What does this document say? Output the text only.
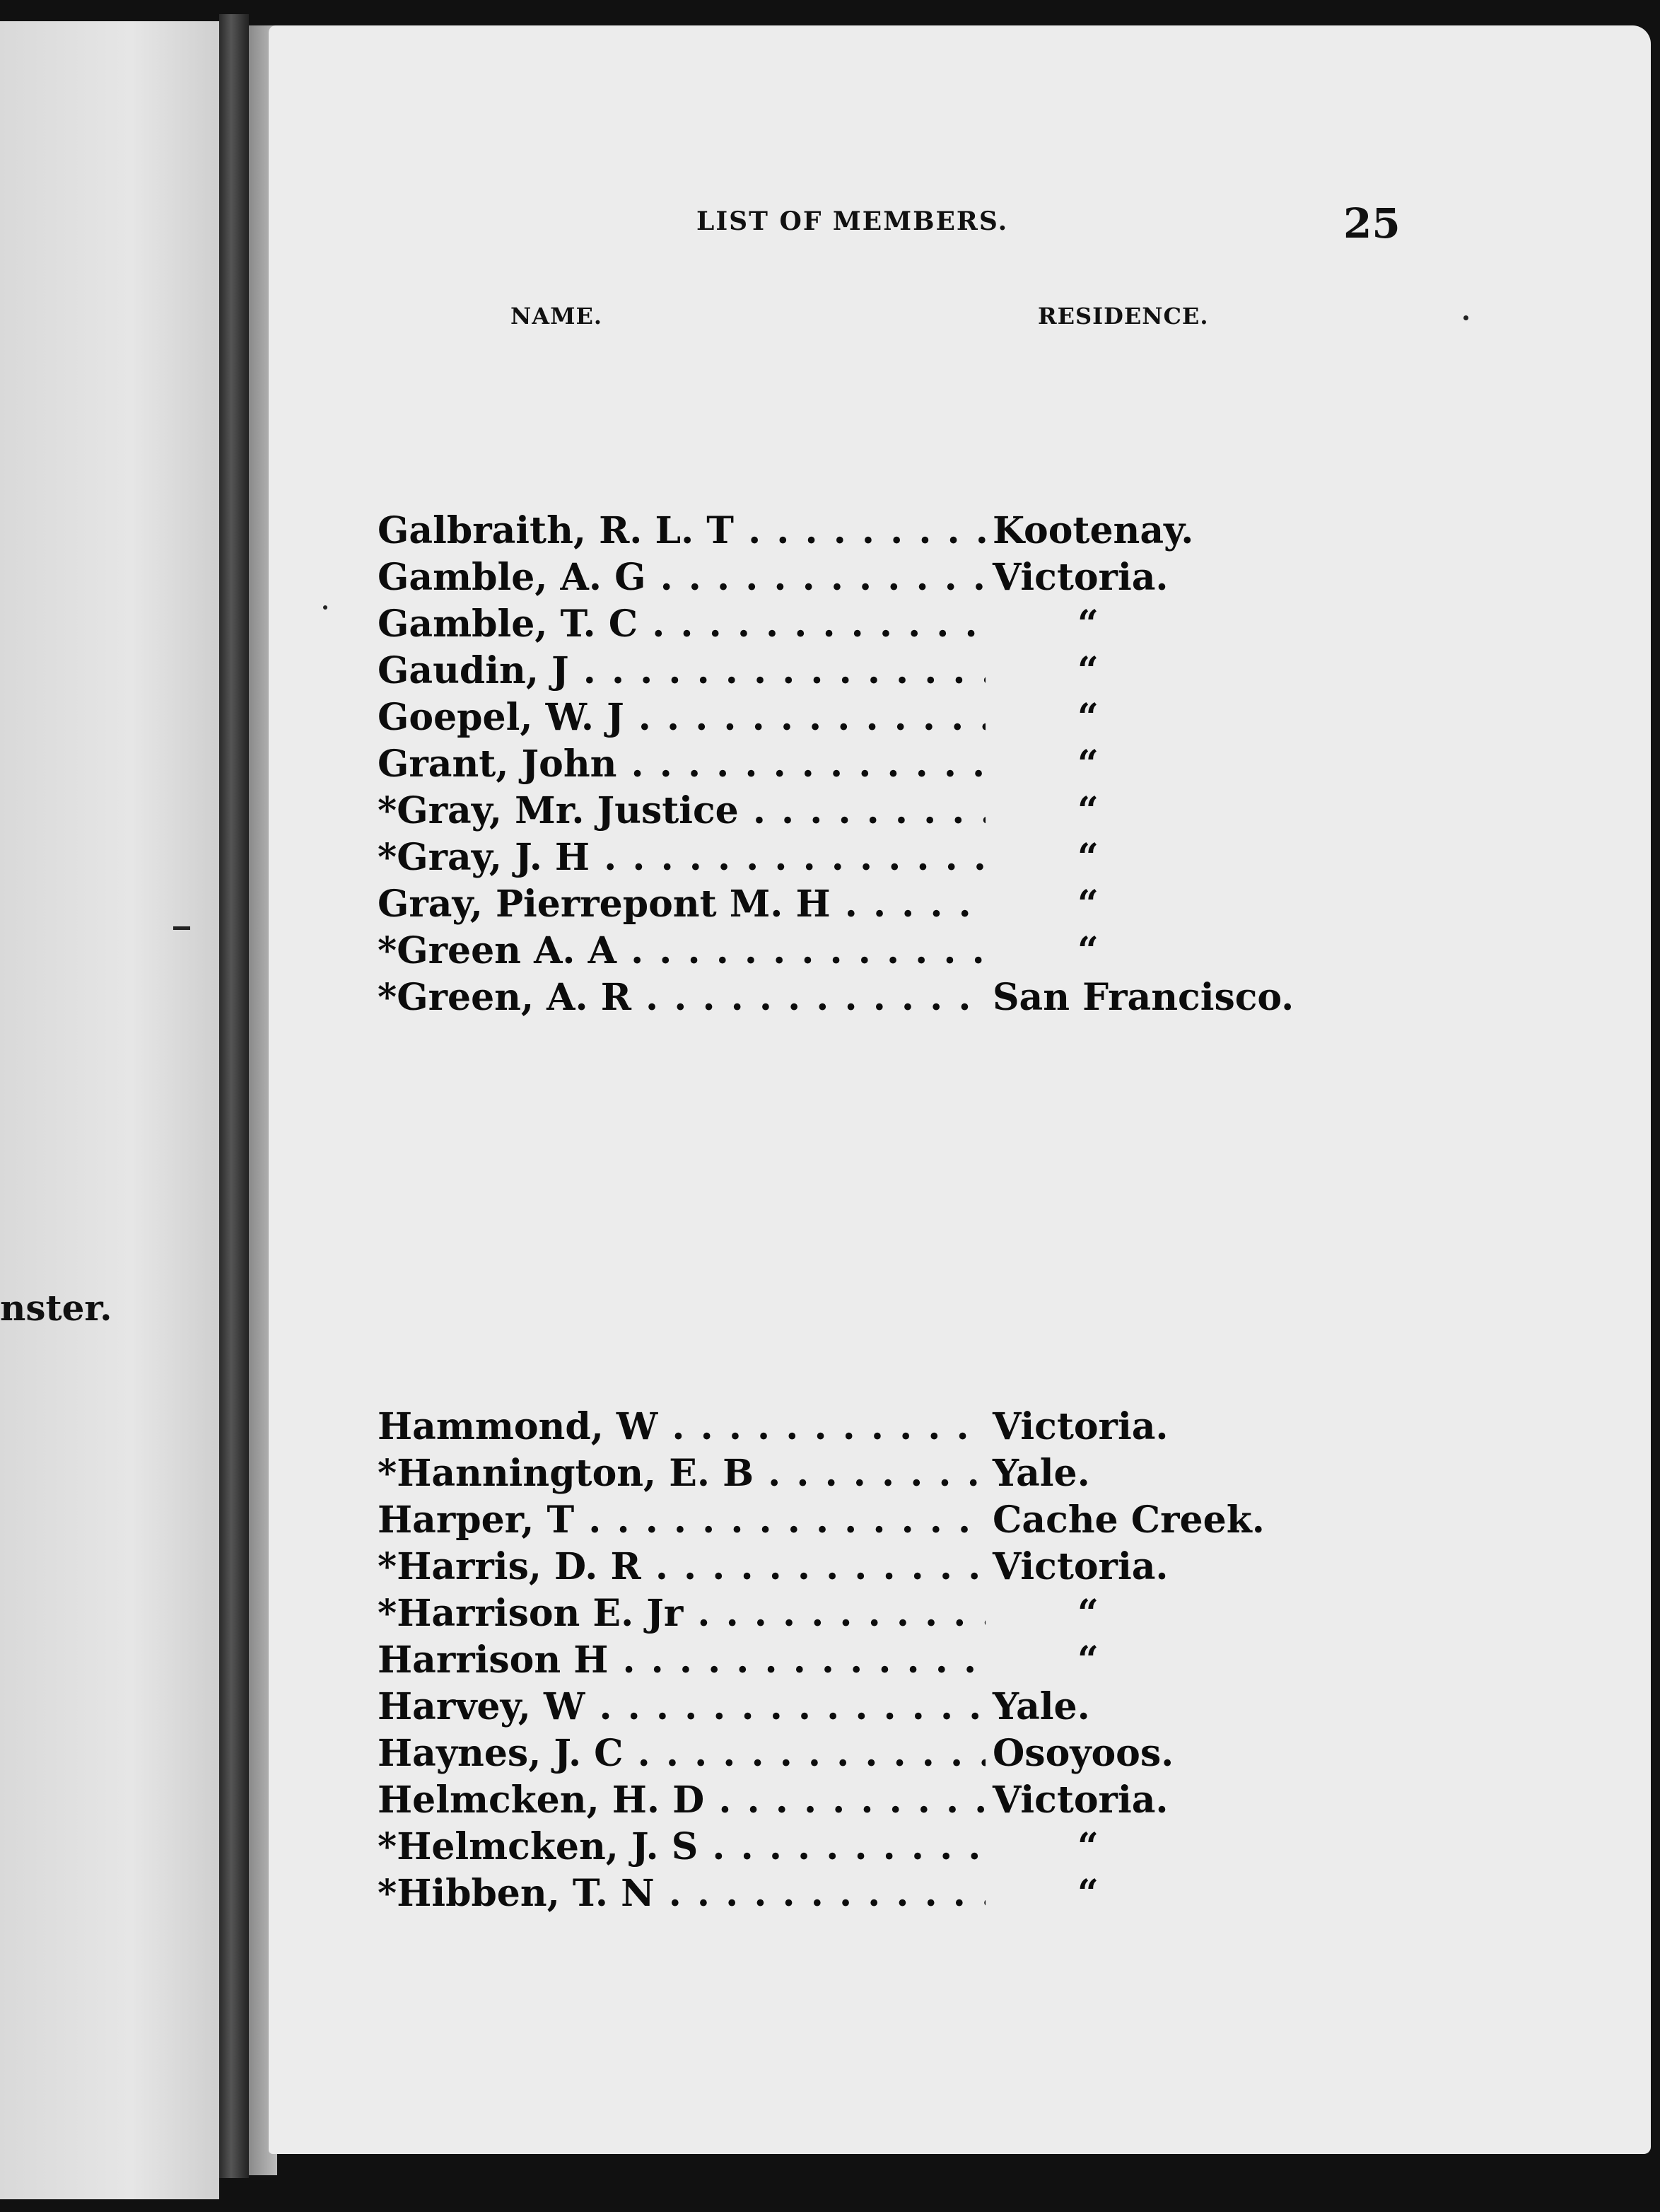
nster.
LIST OF MEMBERS.	25
NAME.	RESIDENCE.
Galbraith, R. L. T . . .	Kootenay.
Gamble, A. G . . .	Victoria.
Gamble, T. C . . .	“
Gaudin, J . . .	“
Goepel, W. J . . .	“
Grant, John . . .	“
*Gray, Mr. Justice . . .	“
*Gray, J. H . . .	“
Gray, Pierrepont M. H . . .	“
*Green A. A . . .	“
*Green, A. R . . .	San Francisco.
Hammond, W . . .	Victoria.
*Hannington, E. B . . .	Yale.
Harper, T . . .	Cache Creek.
*Harris, D. R . . .	Victoria.
*Harrison E. Jr . . .	“
Harrison H . . .	“
Harvey, W . . .	Yale.
Haynes, J. C . . .	Osoyoos.
Helmcken, H. D . . .	Victoria.
*Helmcken, J. S . . .	“
*Hibben, T. N . . .	“
